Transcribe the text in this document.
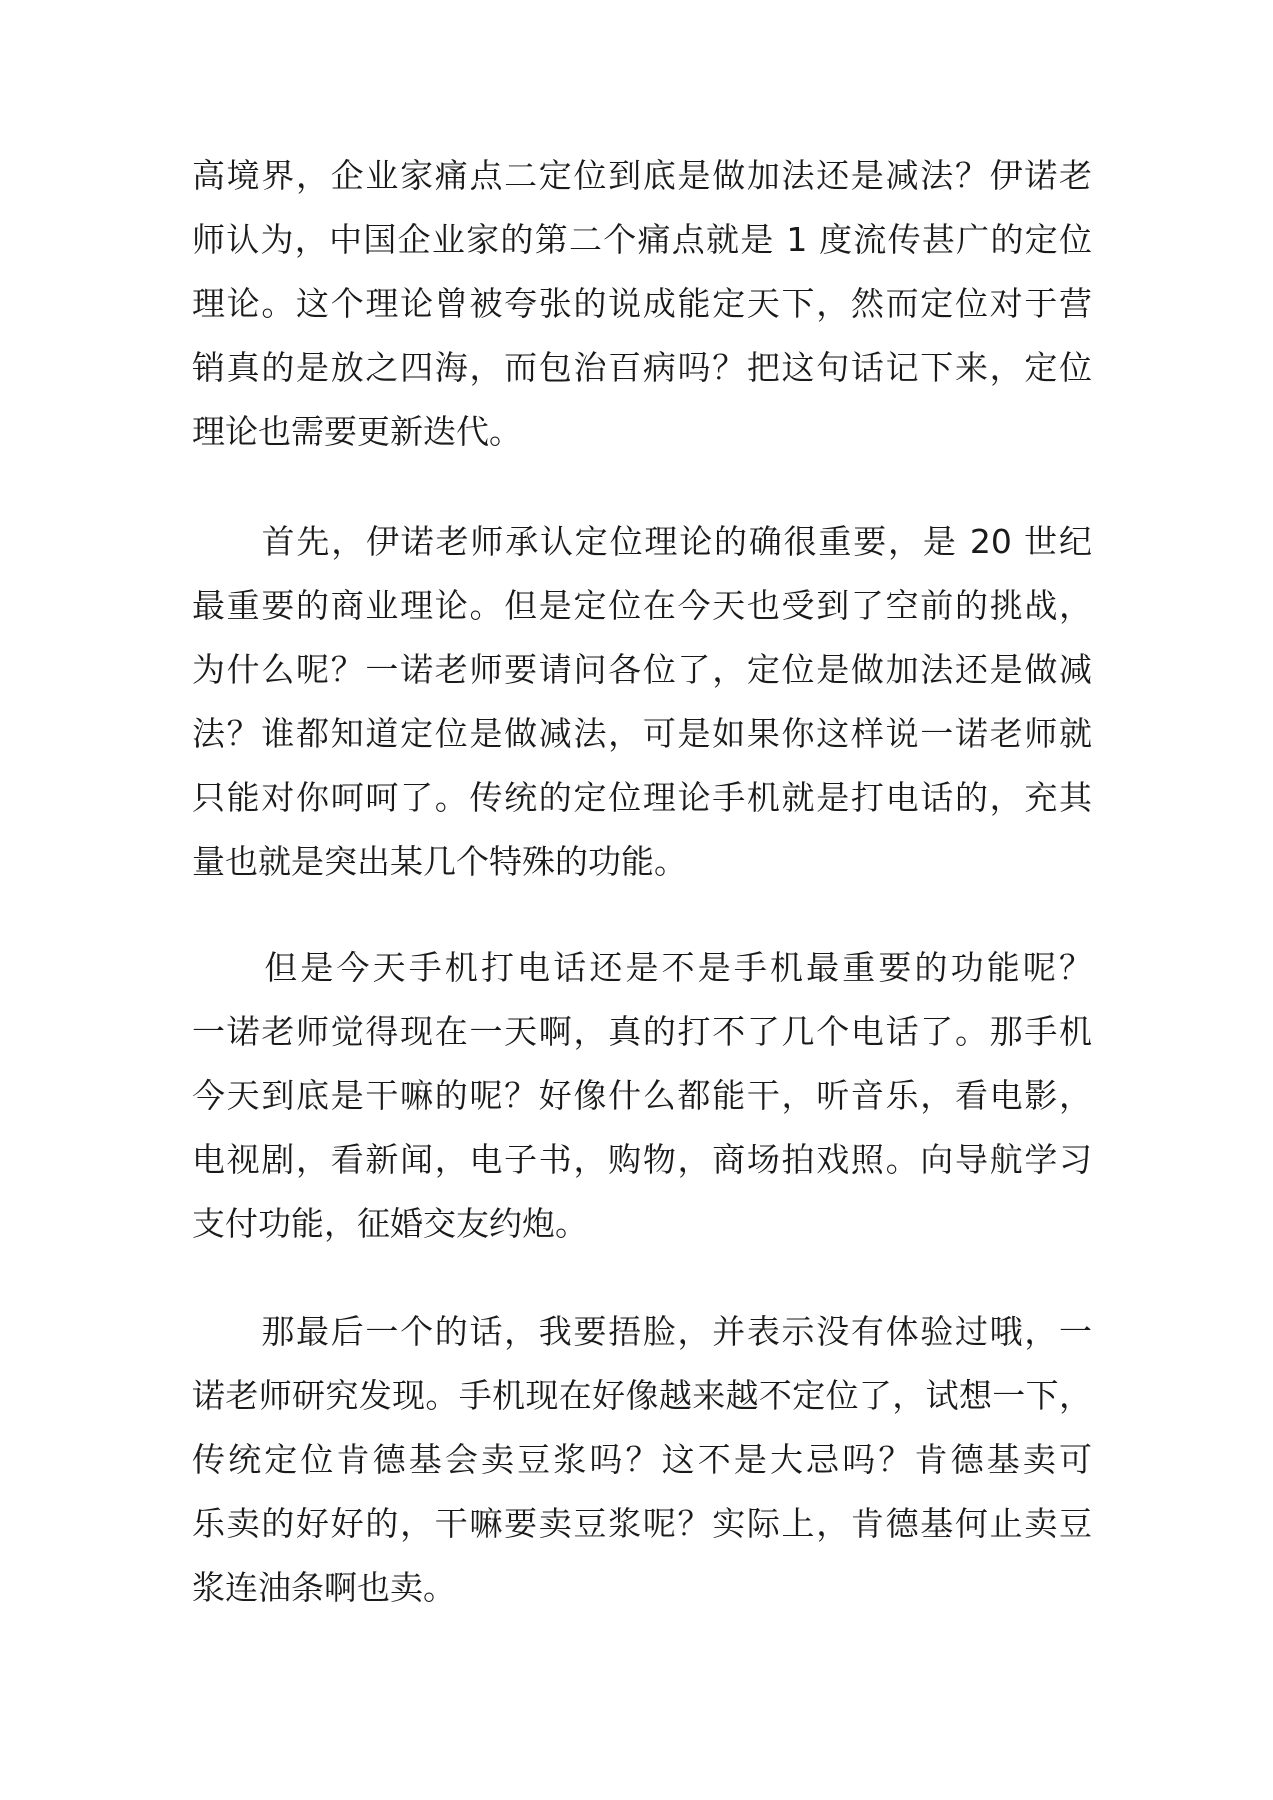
高境界，企业家痛点二定位到底是做加法还是减法？伊诺老
师认为，中国企业家的第二个痛点就是 1 度流传甚广的定位
理论。这个理论曾被夸张的说成能定天下，然而定位对于营
销真的是放之四海，而包治百病吗？把这句话记下来，定位
理论也需要更新迭代。
　　首先，伊诺老师承认定位理论的确很重要，是 20 世纪
最重要的商业理论。但是定位在今天也受到了空前的挑战，
为什么呢？一诺老师要请问各位了，定位是做加法还是做减
法？谁都知道定位是做减法，可是如果你这样说一诺老师就
只能对你呵呵了。传统的定位理论手机就是打电话的，充其
量也就是突出某几个特殊的功能。
　　但是今天手机打电话还是不是手机最重要的功能呢？
一诺老师觉得现在一天啊，真的打不了几个电话了。那手机
今天到底是干嘛的呢？好像什么都能干，听音乐，看电影，
电视剧，看新闻，电子书，购物，商场拍戏照。向导航学习
支付功能，征婚交友约炮。
　　那最后一个的话，我要捂脸，并表示没有体验过哦，一
诺老师研究发现。手机现在好像越来越不定位了，试想一下，
传统定位肯德基会卖豆浆吗？这不是大忌吗？肯德基卖可
乐卖的好好的，干嘛要卖豆浆呢？实际上，肯德基何止卖豆
浆连油条啊也卖。
